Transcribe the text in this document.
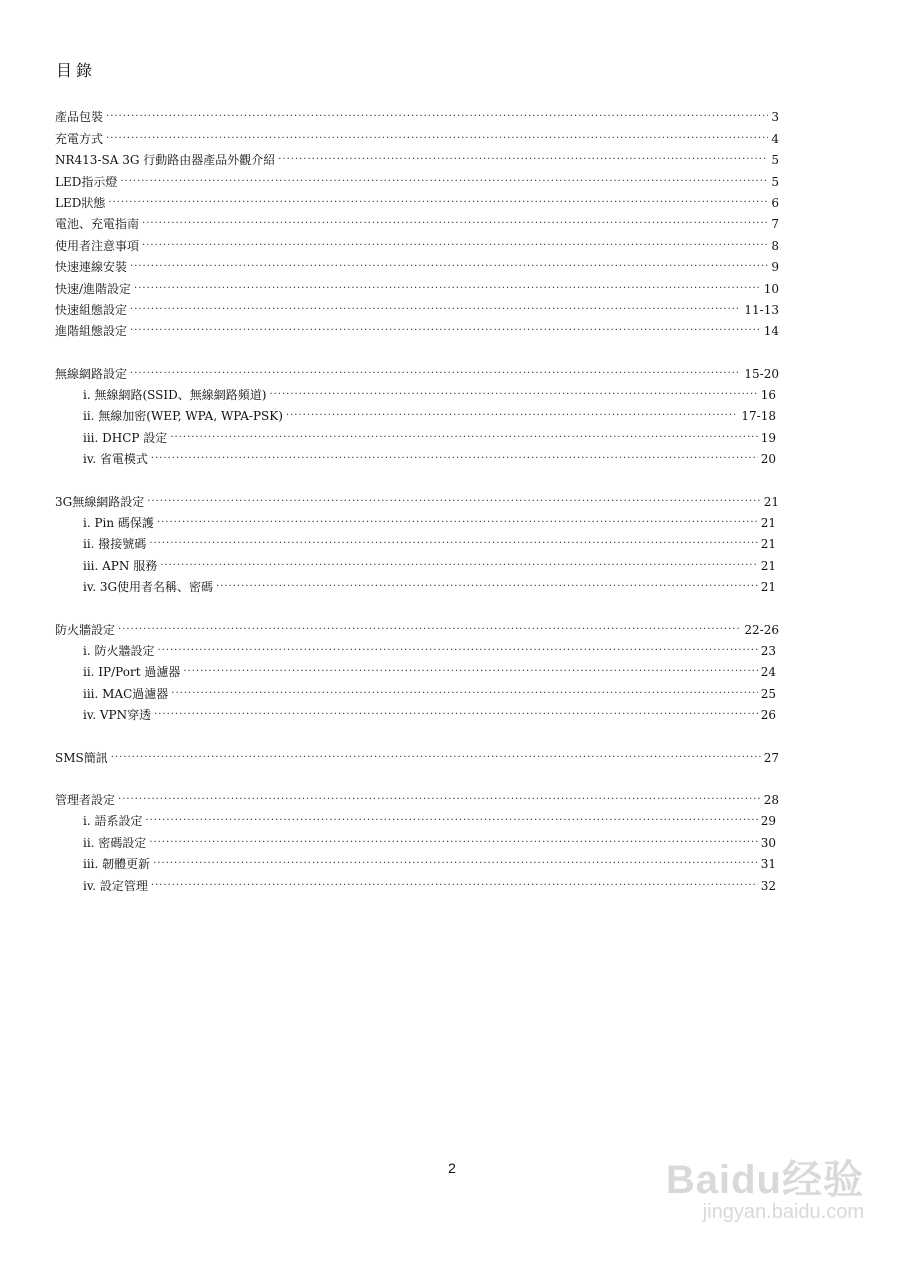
目錄
產品包裝 ·····	3
充電方式 ·····	4
NR413-SA 3G 行動路由器產品外觀介紹 ·····	5
LED指示燈 ·····	5
LED狀態 ·····	6
電池、充電指南 ·····	7
使用者注意事項 ·····	8
快速連線安裝 ·····	9
快速/進階設定 ·····	10
快速組態設定 ·····	11-13
進階組態設定 ·····	14
無線網路設定 ·····	15-20
i. 無線網路(SSID、無線網路頻道) ·····	16
ii. 無線加密(WEP, WPA, WPA-PSK) ·····	17-18
iii. DHCP 設定 ·····	19
iv. 省電模式 ·····	20
3G無線網路設定 ·····	21
i. Pin 碼保護 ·····	21
ii. 撥接號碼 ·····	21
iii. APN 服務 ·····	21
iv. 3G使用者名稱、密碼 ·····	21
防火牆設定 ·····	22-26
i. 防火牆設定 ·····	23
ii. IP/Port 過濾器 ·····	24
iii. MAC過濾器 ·····	25
iv. VPN穿透 ·····	26
SMS簡訊 ·····	27
管理者設定 ·····	28
i. 語系設定 ·····	29
ii. 密碼設定 ·····	30
iii. 韌體更新 ·····	31
iv. 設定管理 ·····	32
2	Baidu经验
jingyan.baidu.com
